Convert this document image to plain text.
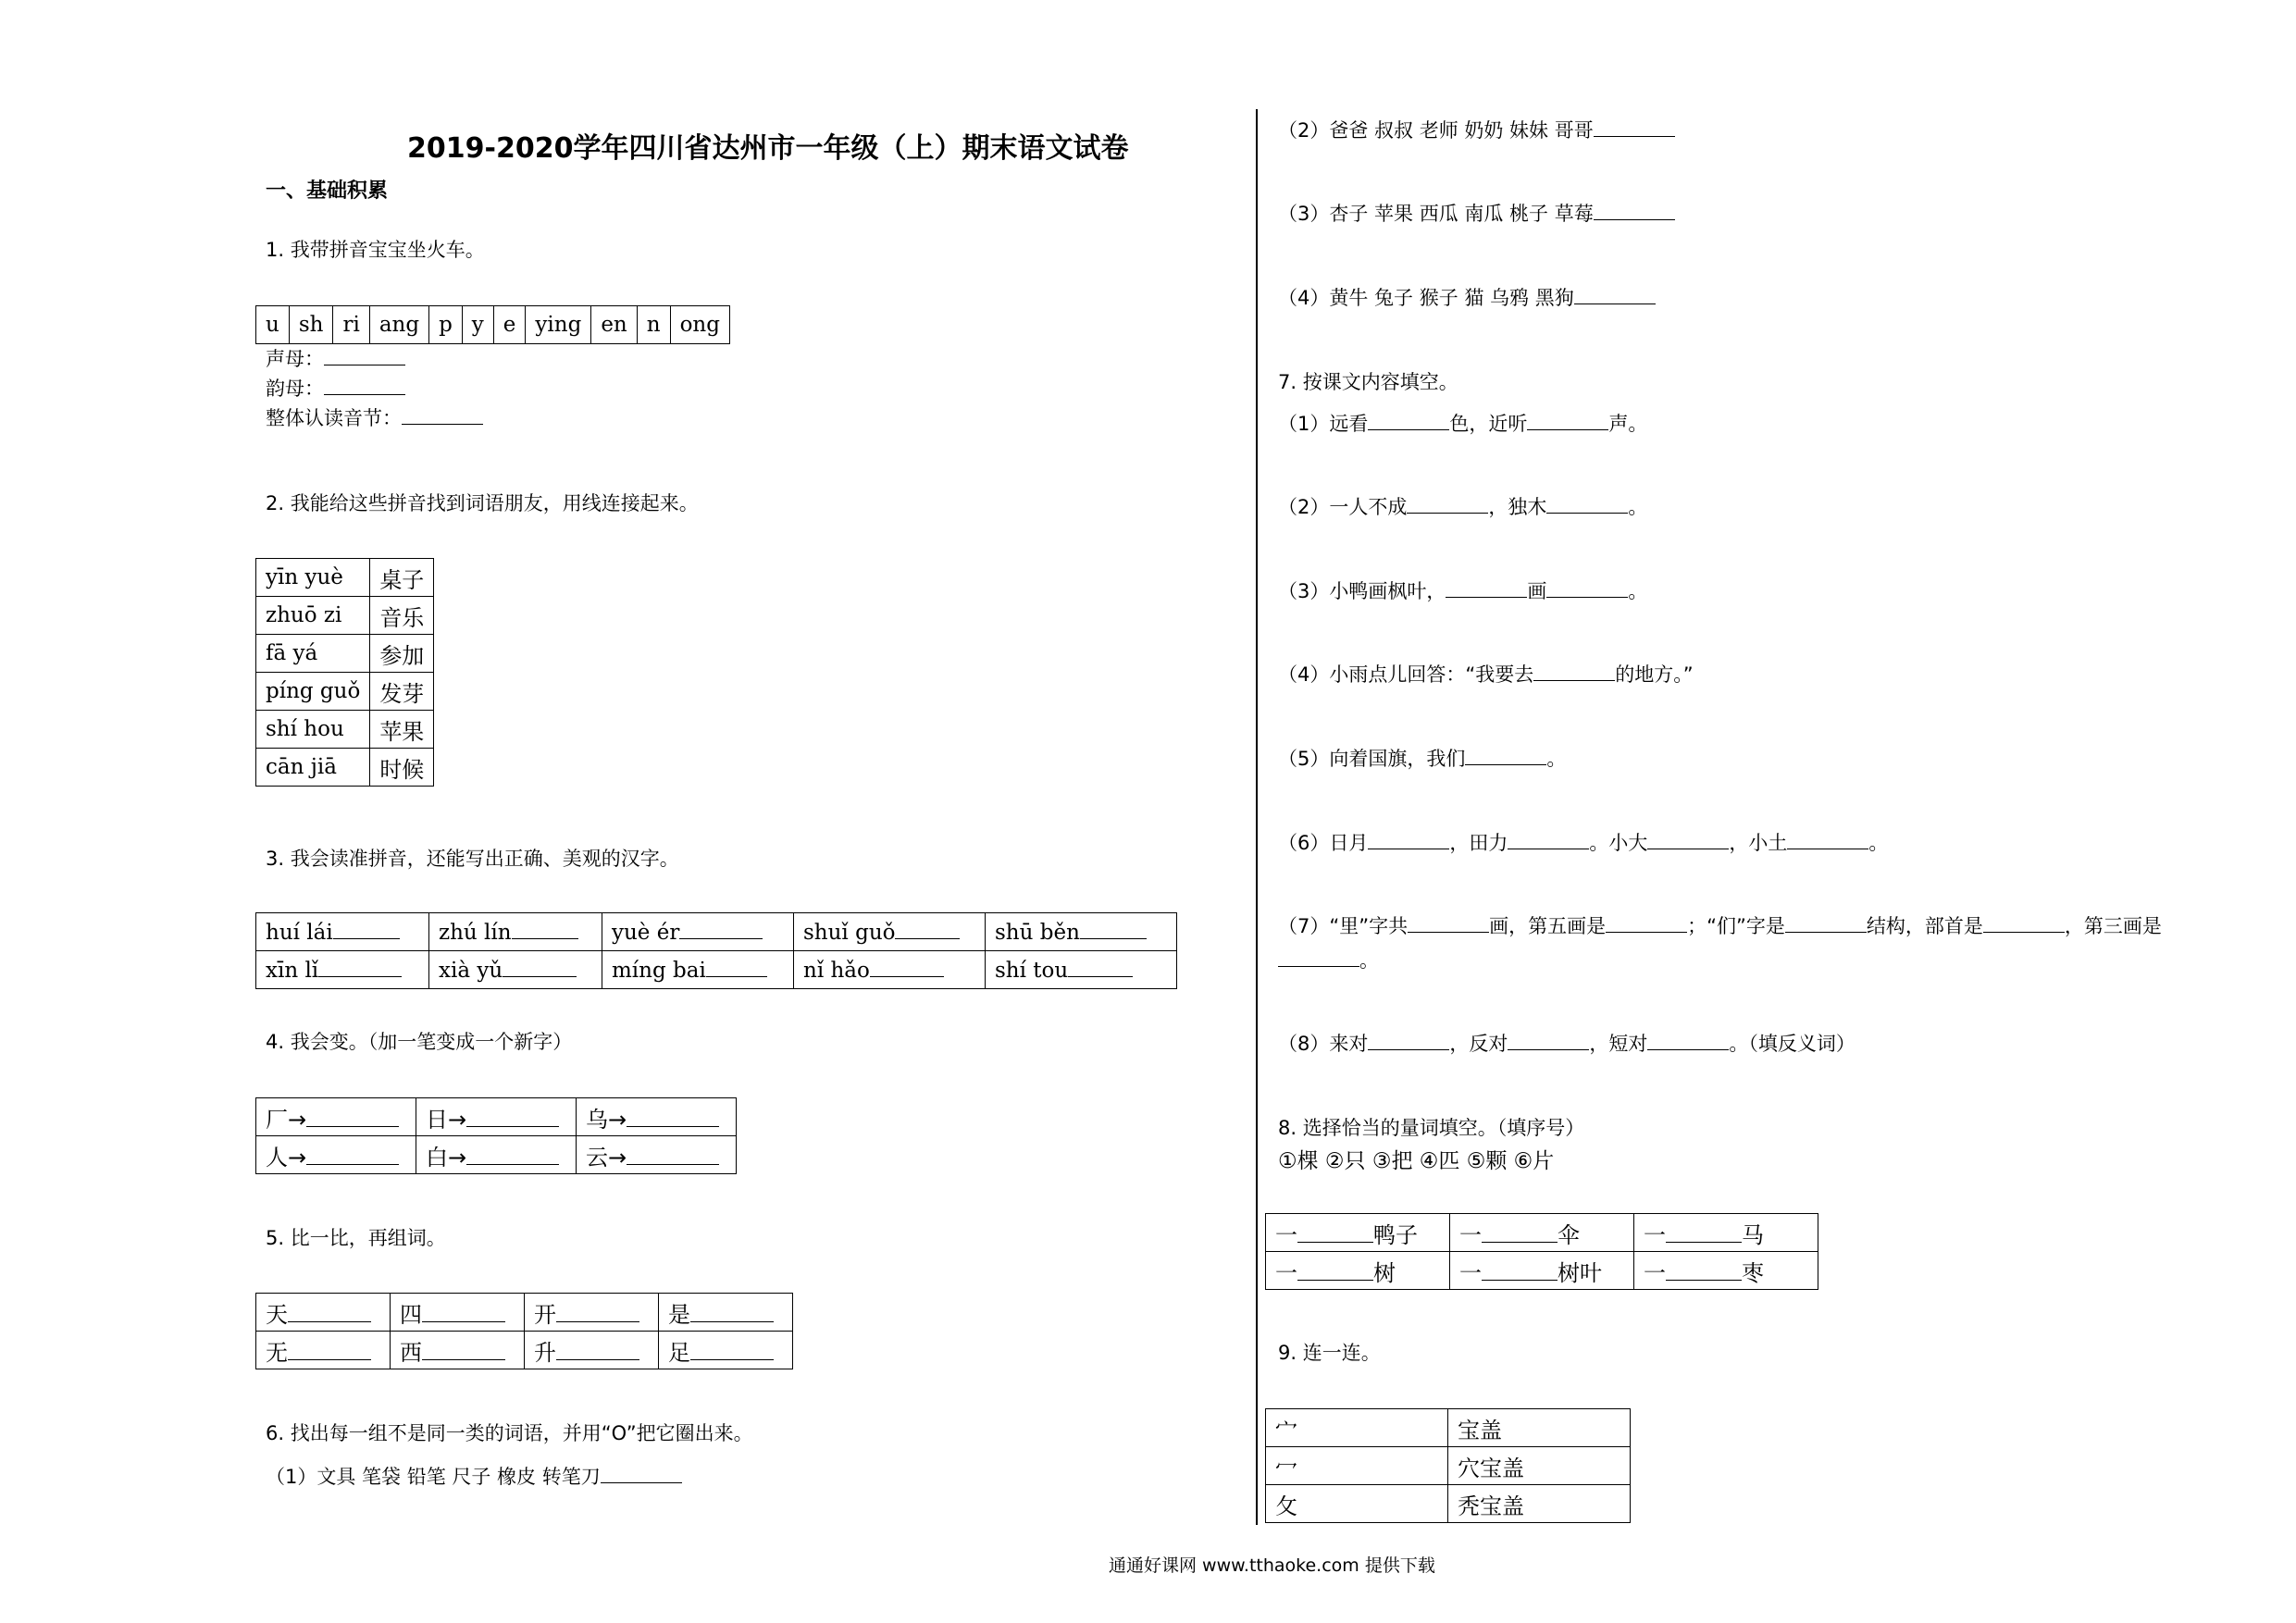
2019-2020学年四川省达州市一年级（上）期末语文试卷
一、基础积累
1. 我带拼音宝宝坐火车。
u	sh	ri	ang	p	y	e	ying	en	n	ong
声母：
韵母：
整体认读音节：
2. 我能给这些拼音找到词语朋友，用线连接起来。
yīn yuè	桌子
zhuō zi	音乐
fā yá	参加
píng guǒ	发芽
shí hou	苹果
cān jiā	时候
3. 我会读准拼音，还能写出正确、美观的汉字。
huí lái	zhú lín	yuè ér	shuǐ guǒ	shū běn
xīn lǐ	xià yǔ	míng bai	nǐ hǎo	shí tou
4. 我会变。（加一笔变成一个新字）
厂→	日→	乌→
人→	白→	云→
5. 比一比，再组词。
天	四	开	是
无	西	升	足
6. 找出每一组不是同一类的词语，并用“O”把它圈出来。
（1）文具 笔袋 铅笔 尺子 橡皮 转笔刀
（2）爸爸 叔叔 老师 奶奶 妹妹 哥哥
（3）杏子 苹果 西瓜 南瓜 桃子 草莓
（4）黄牛 兔子 猴子 猫 乌鸦 黑狗
7. 按课文内容填空。
（1）远看	色，近听	声。
（2）一人不成	，独木	。
（3）小鸭画枫叶，	画	。
（4）小雨点儿回答：“我要去	的地方。”
（5）向着国旗，我们	。
（6）日月	，田力	。小大	，小土	。
（7）“里”字共	画，第五画是	；“们”字是	结构，部首是	，第三画是
。
（8）来对	，反对	，短对	。（填反义词）
8. 选择恰当的量词填空。（填序号）
①棵 ②只 ③把 ④匹 ⑤颗 ⑥片
一 鸭子	一 伞	一 马
一 树	一 树叶	一 枣
9. 连一连。
宀	宝盖
冖	穴宝盖
攵	秃宝盖
通通好课网 www.tthaoke.com 提供下载
